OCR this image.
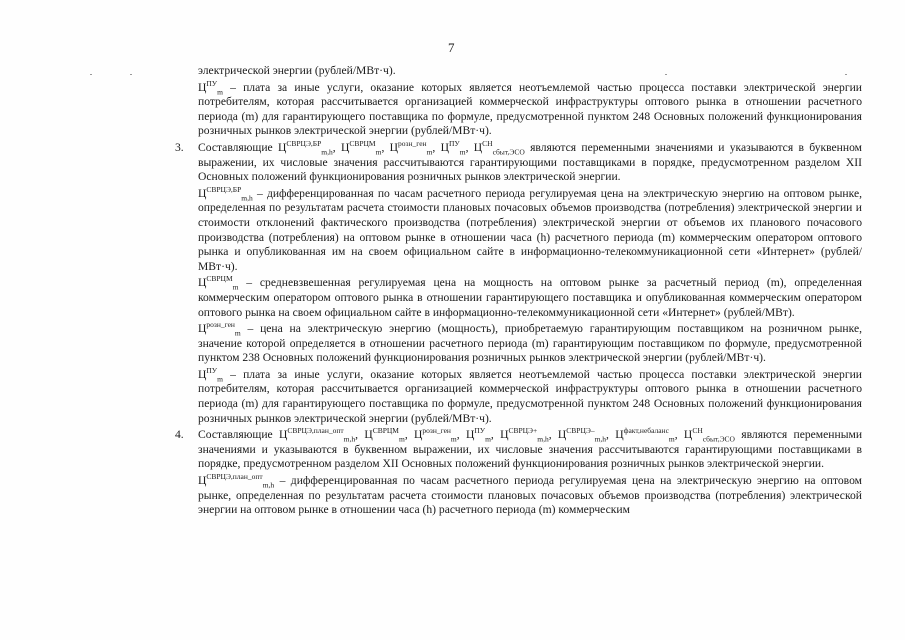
7

электрической энергии (рублей/МВт·ч).

$Ц^{ПУ}_m$ – плата за иные услуги, оказание которых является неотъемлемой частью процесса поставки электрической энергии потребителям, которая рассчитывается организацией коммерческой инфраструктуры оптового рынка в отношении расчетного периода (m) для гарантирующего поставщика по формуле, предусмотренной пунктом 248 Основных положений функционирования розничных рынков электрической энергии (рублей/МВт·ч).

3. Составляющие $Ц^{СВРЦЭ,БР}_{m,h}$, $Ц^{СВРЦМ}_m$, $Ц^{розн\_ген}_m$, $Ц^{ПУ}_m$, $Ц^{СН}_{сбыт,ЭСО}$ являются переменными значениями и указываются в буквенном выражении, их числовые значения рассчитываются гарантирующими поставщиками в порядке, предусмотренном разделом XII Основных положений функционирования розничных рынков электрической энергии.

$Ц^{СВРЦЭ,БР}_{m,h}$ – дифференцированная по часам расчетного периода регулируемая цена на электрическую энергию на оптовом рынке, определенная по результатам расчета стоимости плановых почасовых объемов производства (потребления) электрической энергии и стоимости отклонений фактического производства (потребления) электрической энергии от объемов их планового почасового производства (потребления) на оптовом рынке в отношении часа (h) расчетного периода (m) коммерческим оператором оптового рынка и опубликованная им на своем официальном сайте в информационно-телекоммуникационной сети «Интернет» (рублей/МВт·ч).

$Ц^{СВРЦМ}_m$ – средневзвешенная регулируемая цена на мощность на оптовом рынке за расчетный период (m), определенная коммерческим оператором оптового рынка в отношении гарантирующего поставщика и опубликованная коммерческим оператором оптового рынка на своем официальном сайте в информационно-телекоммуникационной сети «Интернет» (рублей/МВт).

$Ц^{розн\_ген}_m$ – цена на электрическую энергию (мощность), приобретаемую гарантирующим поставщиком на розничном рынке, значение которой определяется в отношении расчетного периода (m) гарантирующим поставщиком по формуле, предусмотренной пунктом 238 Основных положений функционирования розничных рынков электрической энергии (рублей/МВт·ч).

$Ц^{ПУ}_m$ – плата за иные услуги, оказание которых является неотъемлемой частью процесса поставки электрической энергии потребителям, которая рассчитывается организацией коммерческой инфраструктуры оптового рынка в отношении расчетного периода (m) для гарантирующего поставщика по формуле, предусмотренной пунктом 248 Основных положений функционирования розничных рынков электрической энергии (рублей/МВт·ч).

4. Составляющие $Ц^{СВРЦЭ,план\_опт}_{m,h}$, $Ц^{СВРЦМ}_m$, $Ц^{розн\_ген}_m$, $Ц^{ПУ}_m$, $Ц^{СВРЦЭ+}_{m,h}$, $Ц^{СВРЦЭ-}_{m,h}$, $Ц^{факт,небаланс}_m$, $Ц^{СН}_{сбыт,ЭСО}$ являются переменными значениями и указываются в буквенном выражении, их числовые значения рассчитываются гарантирующими поставщиками в порядке, предусмотренном разделом XII Основных положений функционирования розничных рынков электрической энергии.

$Ц^{СВРЦЭ,план\_опт}_{m,h}$ – дифференцированная по часам расчетного периода регулируемая цена на электрическую энергию на оптовом рынке, определенная по результатам расчета стоимости плановых почасовых объемов производства (потребления) электрической энергии на оптовом рынке в отношении часа (h) расчетного периода (m) коммерческим
